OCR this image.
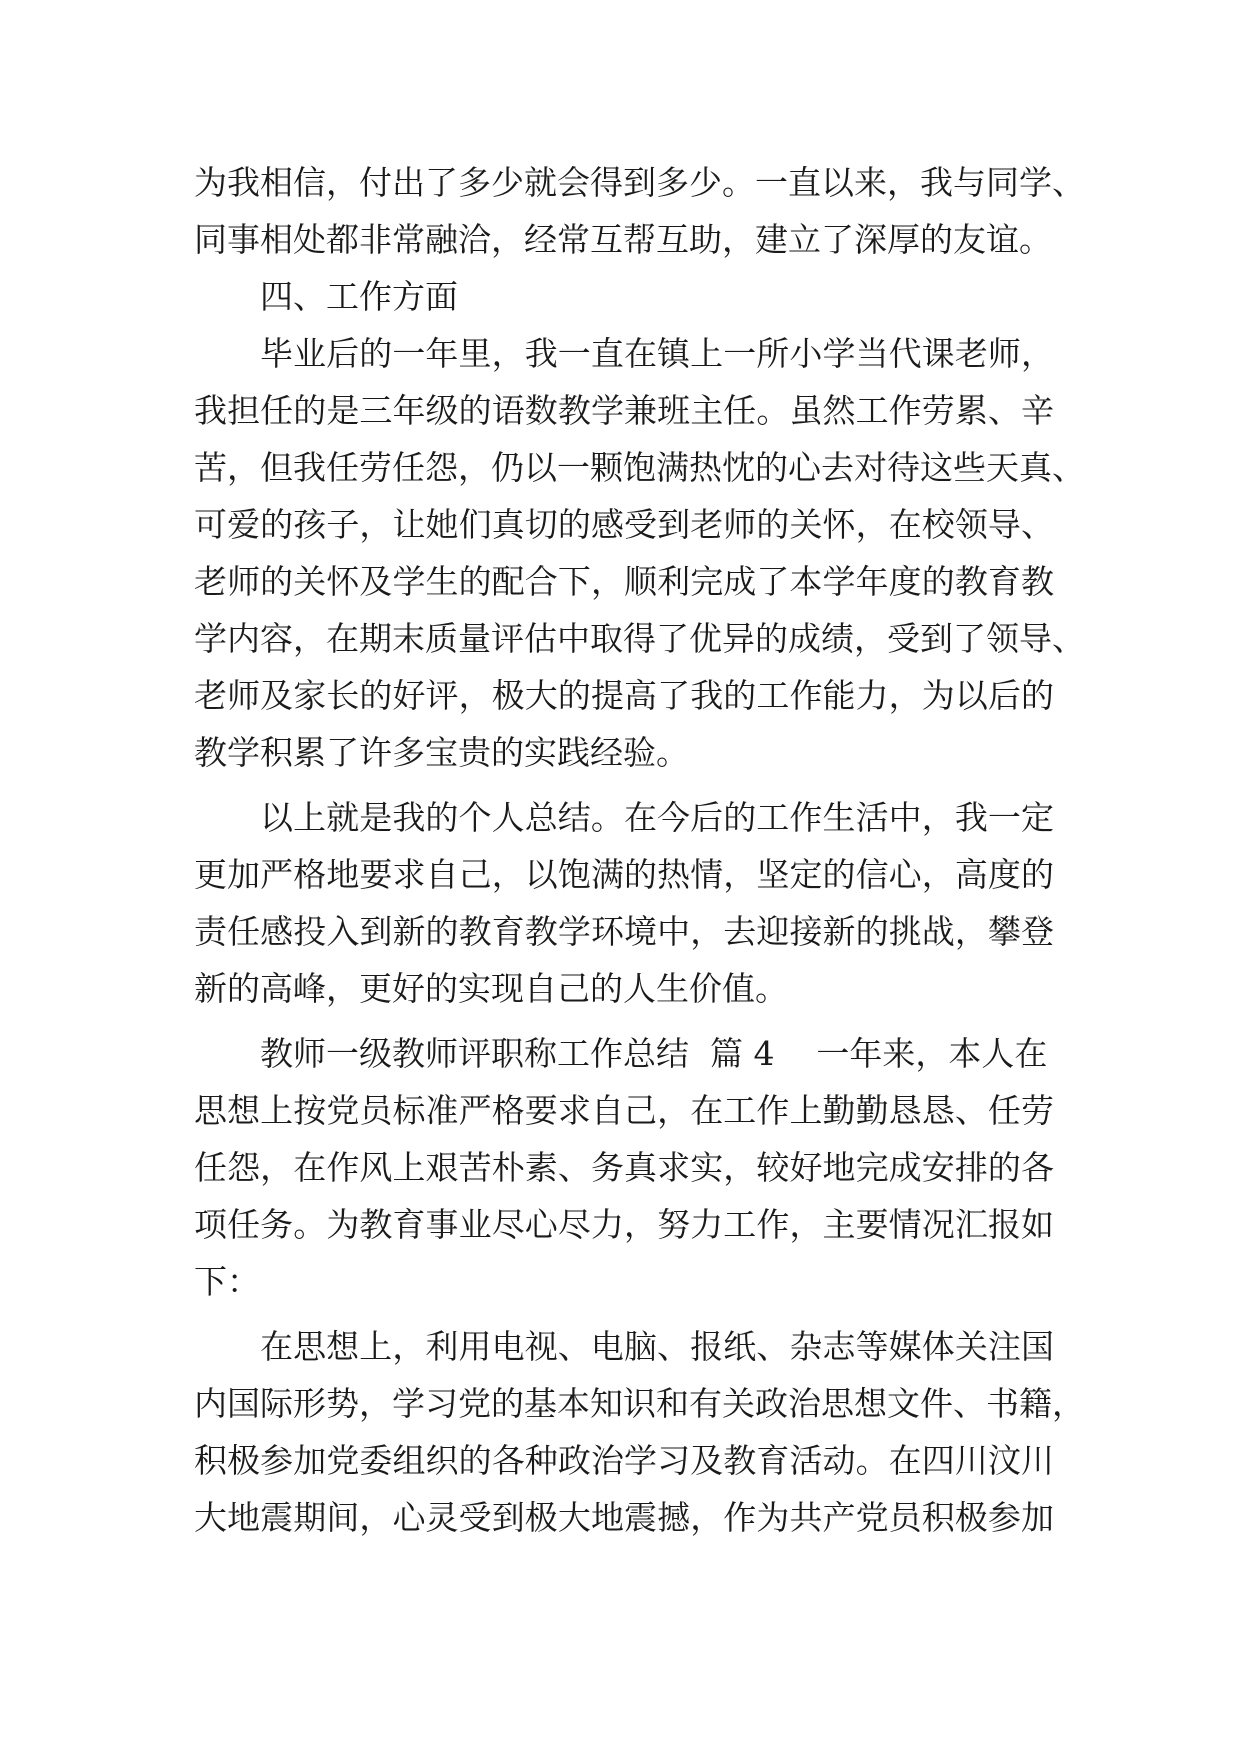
为我相信，付出了多少就会得到多少。一直以来，我与同学、
同事相处都非常融洽，经常互帮互助，建立了深厚的友谊。
四、工作方面
毕业后的一年里，我一直在镇上一所小学当代课老师，
我担任的是三年级的语数教学兼班主任。虽然工作劳累、辛
苦，但我任劳任怨，仍以一颗饱满热忱的心去对待这些天真、
可爱的孩子，让她们真切的感受到老师的关怀，在校领导、
老师的关怀及学生的配合下，顺利完成了本学年度的教育教
学内容，在期末质量评估中取得了优异的成绩，受到了领导、
老师及家长的好评，极大的提高了我的工作能力，为以后的
教学积累了许多宝贵的实践经验。
以上就是我的个人总结。在今后的工作生活中，我一定
更加严格地要求自己，以饱满的热情，坚定的信心，高度的
责任感投入到新的教育教学环境中，去迎接新的挑战，攀登
新的高峰，更好的实现自己的人生价值。
教师一级教师评职称工作总结  篇 4    一年来，本人在
思想上按党员标准严格要求自己，在工作上勤勤恳恳、任劳
任怨，在作风上艰苦朴素、务真求实，较好地完成安排的各
项任务。为教育事业尽心尽力，努力工作，主要情况汇报如
下：
在思想上，利用电视、电脑、报纸、杂志等媒体关注国
内国际形势，学习党的基本知识和有关政治思想文件、书籍，
积极参加党委组织的各种政治学习及教育活动。在四川汶川
大地震期间，心灵受到极大地震撼，作为共产党员积极参加
